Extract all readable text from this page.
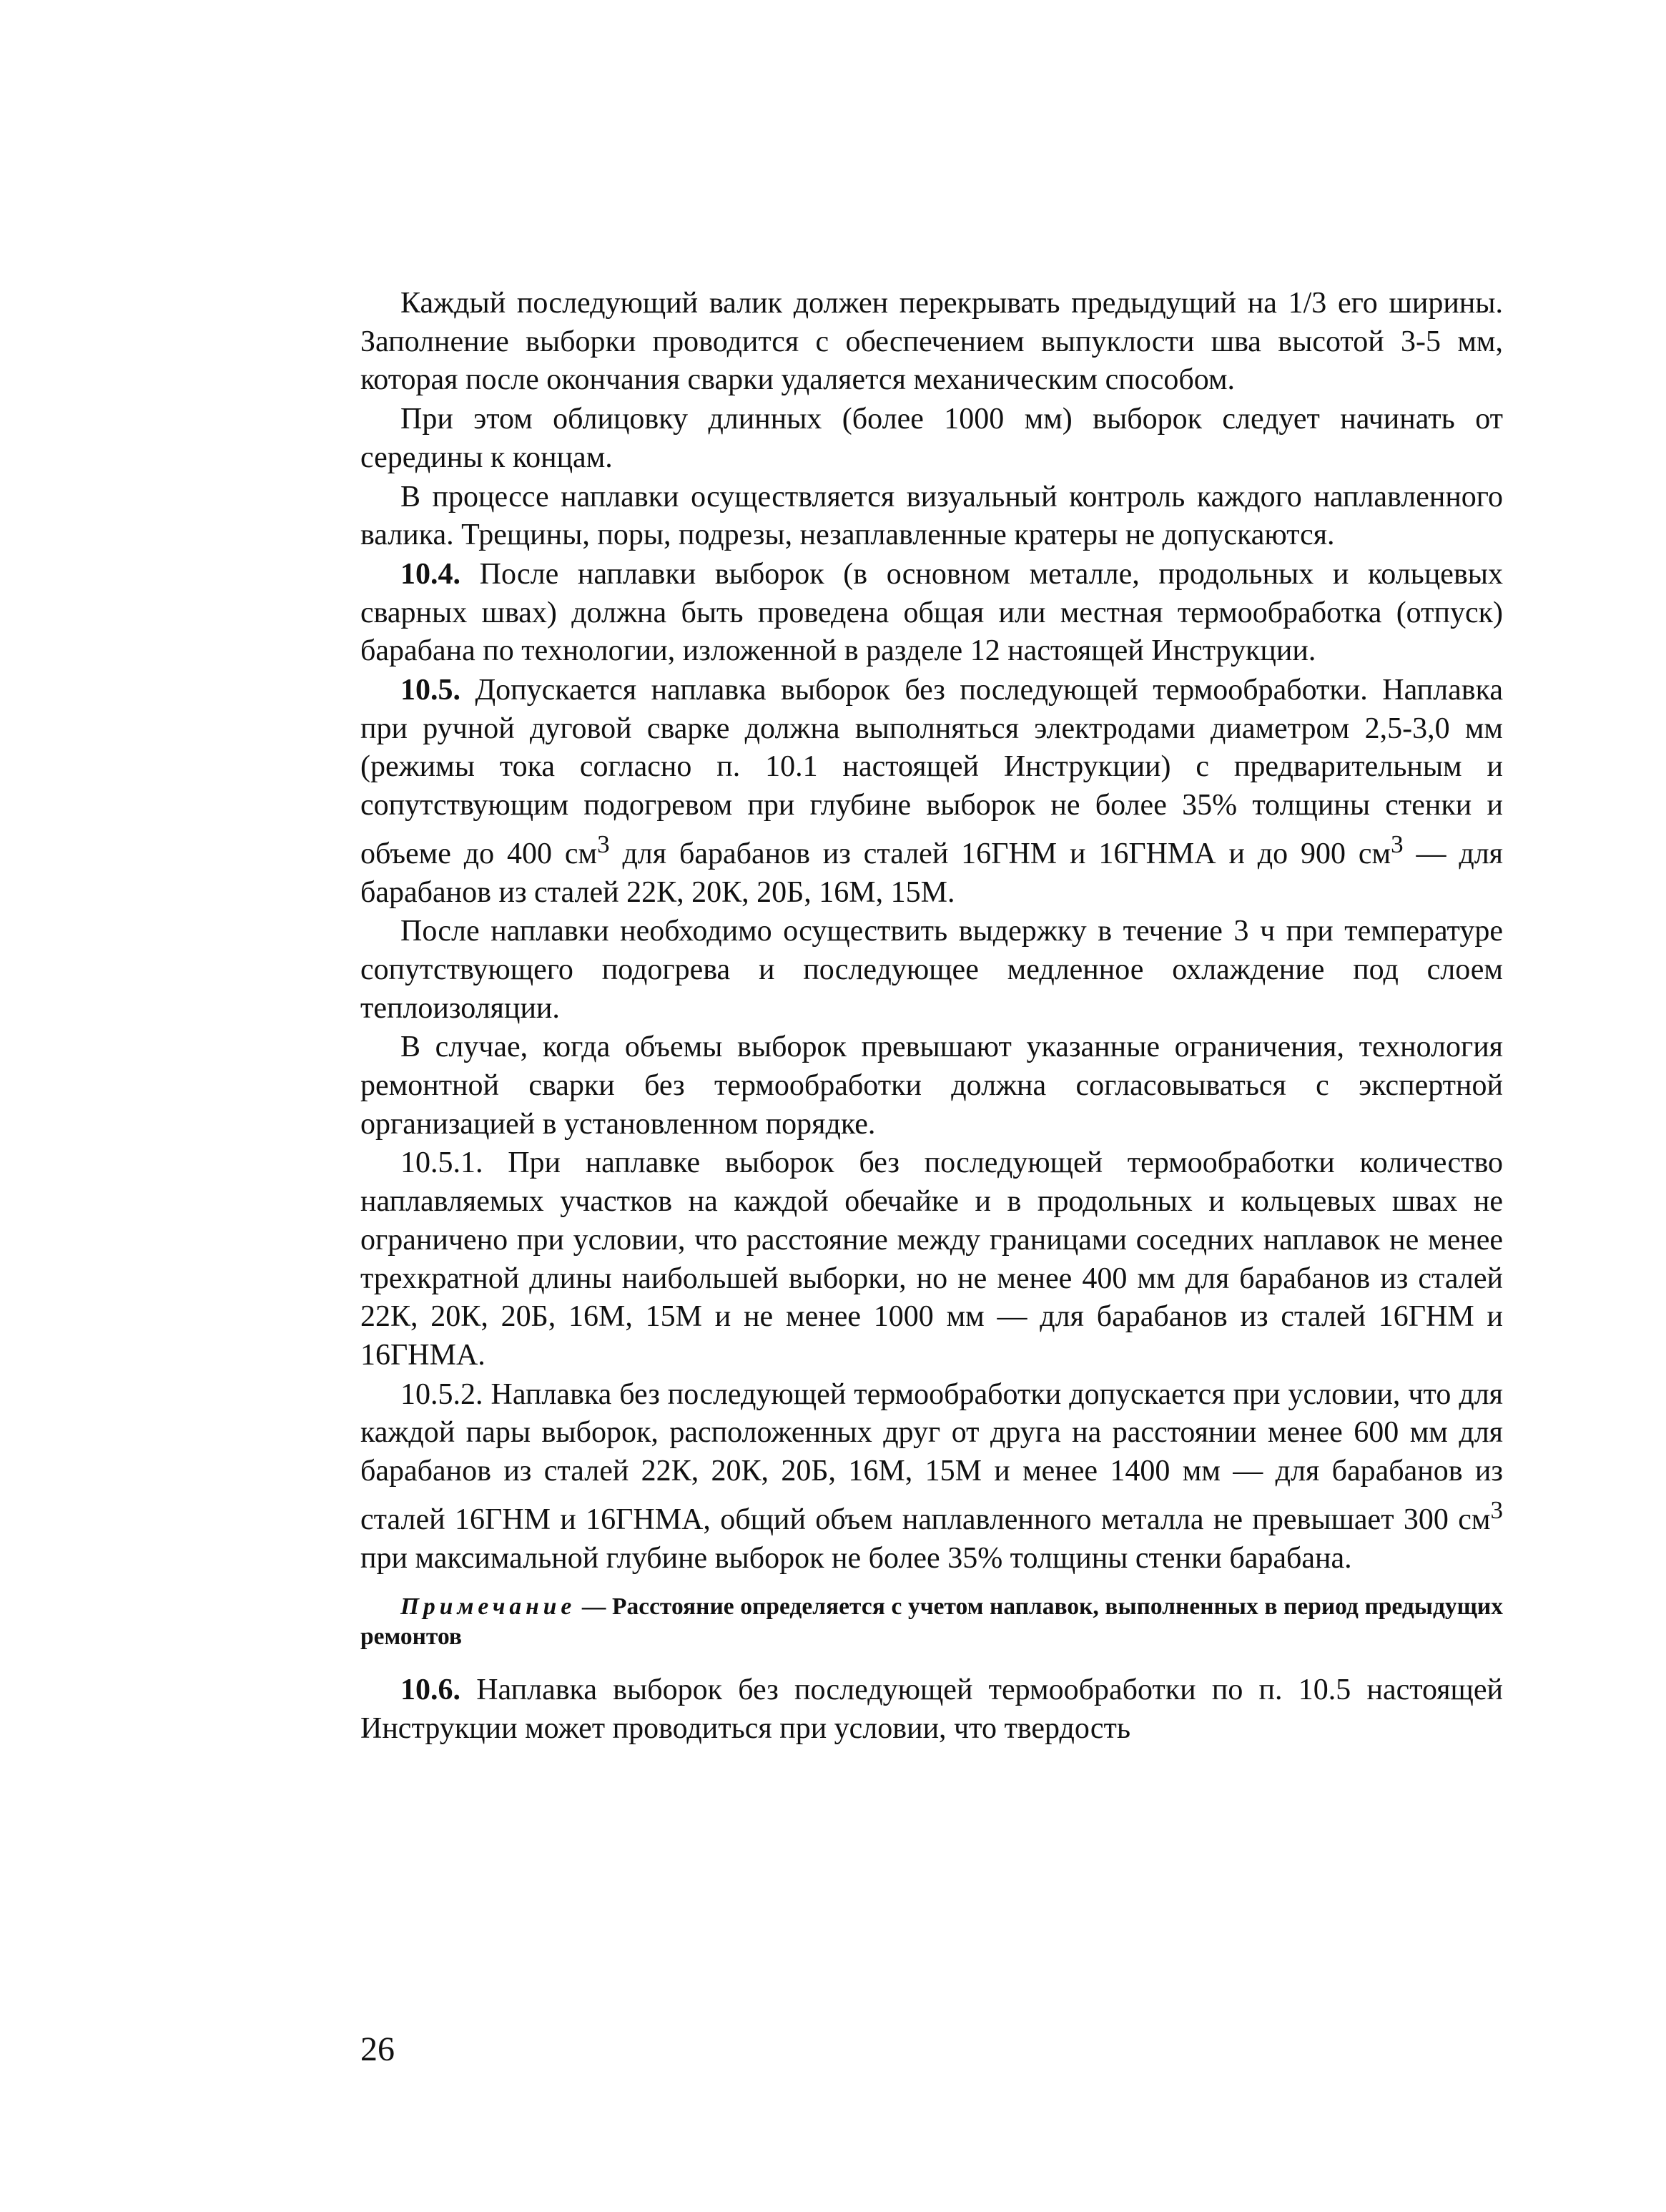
Каждый последующий валик должен перекрывать предыдущий на 1/3 его ширины. Заполнение выборки проводится с обеспечением выпуклости шва высотой 3-5 мм, которая после окончания сварки удаляется механическим способом.

При этом облицовку длинных (более 1000 мм) выборок следует начинать от середины к концам.

В процессе наплавки осуществляется визуальный контроль каждого наплавленного валика. Трещины, поры, подрезы, незаплавленные кратеры не допускаются.

10.4. После наплавки выборок (в основном металле, продольных и кольцевых сварных швах) должна быть проведена общая или местная термообработка (отпуск) барабана по технологии, изложенной в разделе 12 настоящей Инструкции.

10.5. Допускается наплавка выборок без последующей термообработки. Наплавка при ручной дуговой сварке должна выполняться электродами диаметром 2,5-3,0 мм (режимы тока согласно п. 10.1 настоящей Инструкции) с предварительным и сопутствующим подогревом при глубине выборок не более 35% толщины стенки и объеме до 400 $см^3$ для барабанов из сталей 16ГНМ и 16ГНМА и до 900 $см^3$ — для барабанов из сталей 22К, 20К, 20Б, 16М, 15М.

После наплавки необходимо осуществить выдержку в течение 3 ч при температуре сопутствующего подогрева и последующее медленное охлаждение под слоем теплоизоляции.

В случае, когда объемы выборок превышают указанные ограничения, технология ремонтной сварки без термообработки должна согласовываться с экспертной организацией в установленном порядке.

10.5.1. При наплавке выборок без последующей термообработки количество наплавляемых участков на каждой обечайке и в продольных и кольцевых швах не ограничено при условии, что расстояние между границами соседних наплавок не менее трехкратной длины наибольшей выборки, но не менее 400 мм для барабанов из сталей 22К, 20К, 20Б, 16М, 15М и не менее 1000 мм — для барабанов из сталей 16ГНМ и 16ГНМА.

10.5.2. Наплавка без последующей термообработки допускается при условии, что для каждой пары выборок, расположенных друг от друга на расстоянии менее 600 мм для барабанов из сталей 22К, 20К, 20Б, 16М, 15М и менее 1400 мм — для барабанов из сталей 16ГНМ и 16ГНМА, общий объем наплавленного металла не превышает 300 $см^3$ при максимальной глубине выборок не более 35% толщины стенки барабана.

Примечание — Расстояние определяется с учетом наплавок, выполненных в период предыдущих ремонтов

10.6. Наплавка выборок без последующей термообработки по п. 10.5 настоящей Инструкции может проводиться при условии, что твердость

26
